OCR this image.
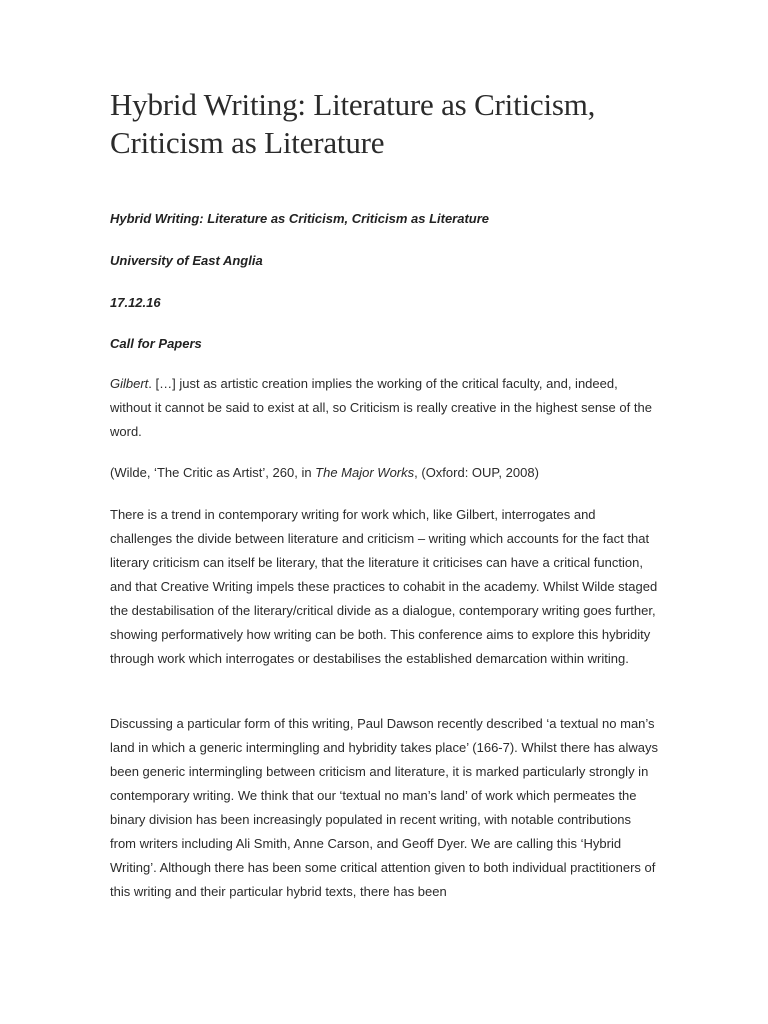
Hybrid Writing: Literature as Criticism, Criticism as Literature

Hybrid Writing: Literature as Criticism, Criticism as Literature

University of East Anglia

17.12.16

Call for Papers

Gilbert. […] just as artistic creation implies the working of the critical faculty, and, indeed, without it cannot be said to exist at all, so Criticism is really creative in the highest sense of the word.

(Wilde, ‘The Critic as Artist’, 260, in The Major Works, (Oxford: OUP, 2008)

There is a trend in contemporary writing for work which, like Gilbert, interrogates and challenges the divide between literature and criticism – writing which accounts for the fact that literary criticism can itself be literary, that the literature it criticises can have a critical function, and that Creative Writing impels these practices to cohabit in the academy. Whilst Wilde staged the destabilisation of the literary/critical divide as a dialogue, contemporary writing goes further, showing performatively how writing can be both. This conference aims to explore this hybridity through work which interrogates or destabilises the established demarcation within writing.

Discussing a particular form of this writing, Paul Dawson recently described ‘a textual no man’s land in which a generic intermingling and hybridity takes place’ (166-7). Whilst there has always been generic intermingling between criticism and literature, it is marked particularly strongly in contemporary writing. We think that our ‘textual no man’s land’ of work which permeates the binary division has been increasingly populated in recent writing, with notable contributions from writers including Ali Smith, Anne Carson, and Geoff Dyer. We are calling this ‘Hybrid Writing’. Although there has been some critical attention given to both individual practitioners of this writing and their particular hybrid texts, there has been
